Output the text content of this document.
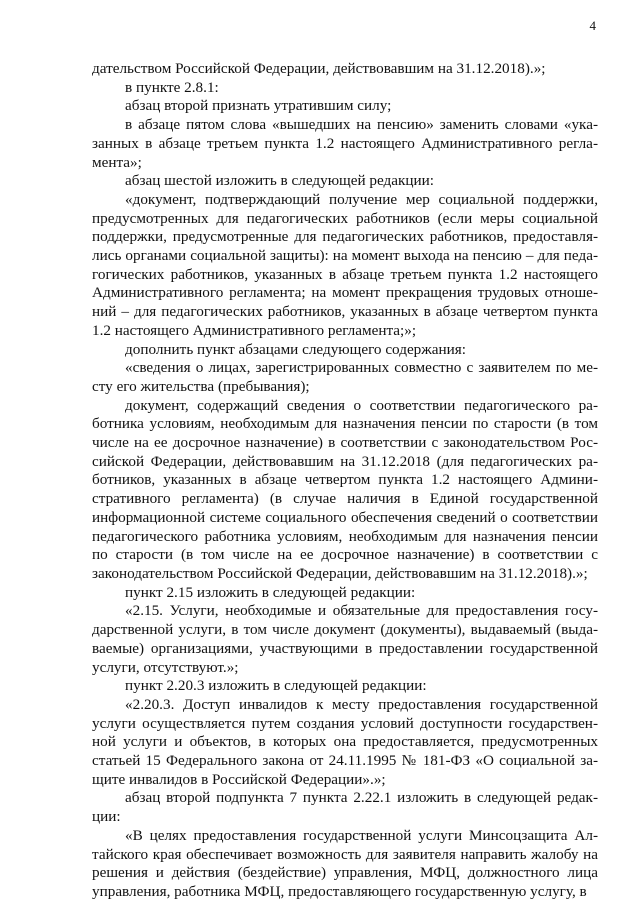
4

дательством Российской Федерации, действовавшим на 31.12.2018).»;

в пункте 2.8.1:

абзац второй признать утратившим силу;

в абзаце пятом слова «вышедших на пенсию» заменить словами «указанных в абзаце третьем пункта 1.2 настоящего Административного регламента»;

абзац шестой изложить в следующей редакции:

«документ, подтверждающий получение мер социальной поддержки, предусмотренных для педагогических работников (если меры социальной поддержки, предусмотренные для педагогических работников, предоставлялись органами социальной защиты): на момент выхода на пенсию – для педагогических работников, указанных в абзаце третьем пункта 1.2 настоящего Административного регламента; на момент прекращения трудовых отношений – для педагогических работников, указанных в абзаце четвертом пункта 1.2 настоящего Административного регламента;»;

дополнить пункт абзацами следующего содержания:

«сведения о лицах, зарегистрированных совместно с заявителем по месту его жительства (пребывания);

документ, содержащий сведения о соответствии педагогического работника условиям, необходимым для назначения пенсии по старости (в том числе на ее досрочное назначение) в соответствии с законодательством Российской Федерации, действовавшим на 31.12.2018 (для педагогических работников, указанных в абзаце четвертом пункта 1.2 настоящего Административного регламента) (в случае наличия в Единой государственной информационной системе социального обеспечения сведений о соответствии педагогического работника условиям, необходимым для назначения пенсии по старости (в том числе на ее досрочное назначение) в соответствии с законодательством Российской Федерации, действовавшим на 31.12.2018).»;

пункт 2.15 изложить в следующей редакции:

«2.15. Услуги, необходимые и обязательные для предоставления государственной услуги, в том числе документ (документы), выдаваемый (выдаваемые) организациями, участвующими в предоставлении государственной услуги, отсутствуют.»;

пункт 2.20.3 изложить в следующей редакции:

«2.20.3. Доступ инвалидов к месту предоставления государственной услуги осуществляется путем создания условий доступности государственной услуги и объектов, в которых она предоставляется, предусмотренных статьей 15 Федерального закона от 24.11.1995 № 181-ФЗ «О социальной защите инвалидов в Российской Федерации».»;

абзац второй подпункта 7 пункта 2.22.1 изложить в следующей редакции:

«В целях предоставления государственной услуги Минсоцзащита Алтайского края обеспечивает возможность для заявителя направить жалобу на решения и действия (бездействие) управления, МФЦ, должностного лица управления, работника МФЦ, предоставляющего государственную услугу, в
